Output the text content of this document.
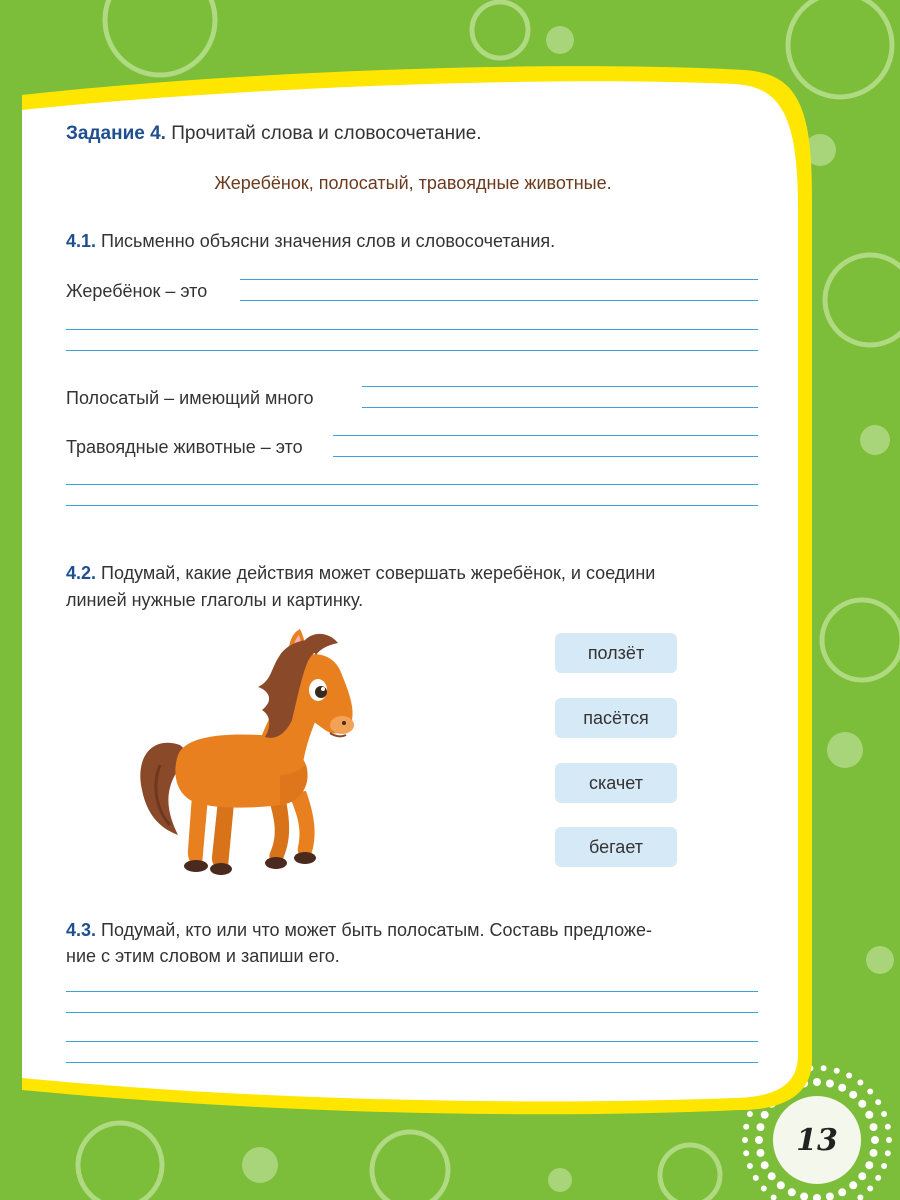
Задание 4. Прочитай слова и словосочетание.
Жеребёнок, полосатый, травоядные животные.
4.1. Письменно объясни значения слов и словосочетания.
Жеребёнок – это
Полосатый – имеющий много
Травоядные животные – это
4.2. Подумай, какие действия может совершать жеребёнок, и соедини
линией нужные глаголы и картинку.
ползёт
пасётся
скачет
бегает
4.3. Подумай, кто или что может быть полосатым. Составь предложе-
ние с этим словом и запиши его.
13
